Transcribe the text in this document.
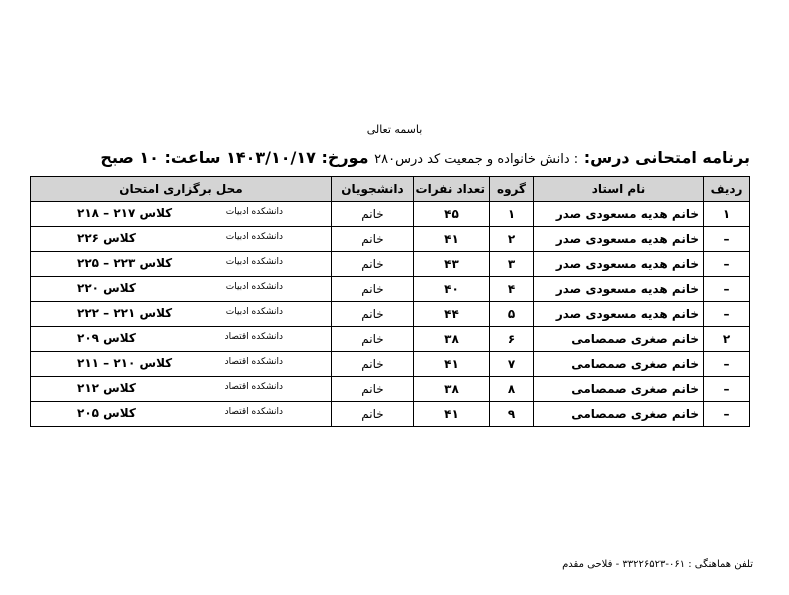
باسمه تعالی
برنامه امتحانی درس: : دانش خانواده و جمعیت کد درس۲۸۰ مورخ: ۱۴۰۳/۱۰/۱۷ ساعت: ۱۰ صبح
ردیف	نام استاد	گروه	تعداد نفرات	دانشجویان	محل برگزاری امتحان
۱	خانم هدیه مسعودی صدر	۱	۴۵	خانم	دانشکده ادبیات
کلاس ۲۱۷ – ۲۱۸

–	خانم هدیه مسعودی صدر	۲	۴۱	خانم	دانشکده ادبیات
کلاس ۲۲۶

–	خانم هدیه مسعودی صدر	۳	۴۳	خانم	دانشکده ادبیات
کلاس ۲۲۳ – ۲۲۵

–	خانم هدیه مسعودی صدر	۴	۴۰	خانم	دانشکده ادبیات
کلاس ۲۲۰

–	خانم هدیه مسعودی صدر	۵	۴۴	خانم	دانشکده ادبیات
کلاس ۲۲۱ – ۲۲۲

۲	خانم صغری صمصامی	۶	۳۸	خانم	دانشکده اقتصاد
کلاس ۲۰۹

–	خانم صغری صمصامی	۷	۴۱	خانم	دانشکده اقتصاد
کلاس ۲۱۰ – ۲۱۱

–	خانم صغری صمصامی	۸	۳۸	خانم	دانشکده اقتصاد
کلاس ۲۱۲

–	خانم صغری صمصامی	۹	۴۱	خانم	دانشکده اقتصاد
کلاس ۲۰۵
تلفن هماهنگی : ۰۶۱-۳۳۲۲۶۵۲۳ - فلاحی مقدم
